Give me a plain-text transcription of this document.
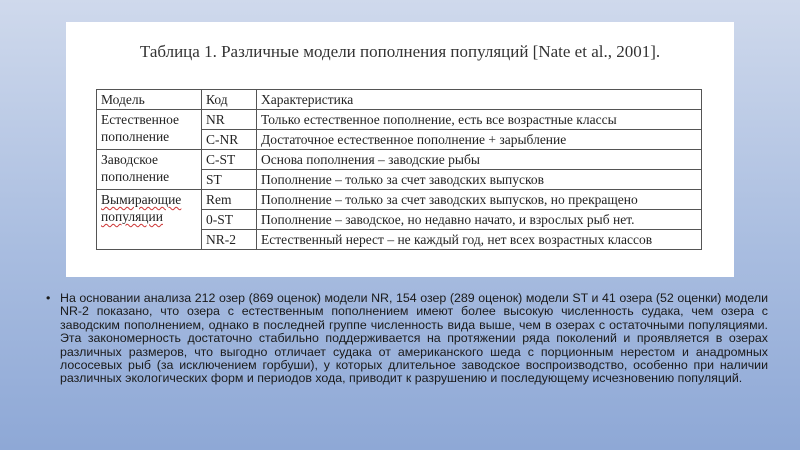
Таблица 1. Различные модели пополнения популяций [Nate et al., 2001].
Модель	Код	Характеристика
Естественное
пополнение	NR	Только естественное пополнение, есть все возрастные классы
	C-NR	Достаточное естественное пополнение + зарыбление
Заводское
пополнение	C-ST	Основа пополнения – заводские рыбы
	ST	Пополнение – только за счет заводских выпусков
Вымирающие
популяции	Rem	Пополнение – только за счет заводских выпусков, но прекращено
	0-ST	Пополнение – заводское, но недавно начато, и взрослых рыб нет.
	NR-2	Естественный нерест – не каждый год, нет всех возрастных классов
• На основании анализа 212 озер (869 оценок) модели NR, 154 озер (289 оценок) модели ST и 41 озера (52 оценки) модели NR-2 показано, что озера с естественным пополнением имеют более высокую численность судака, чем озера с заводским пополнением, однако в последней группе численность вида выше, чем в озерах с остаточными популяциями. Эта закономерность достаточно стабильно поддерживается на протяжении ряда поколений и проявляется в озерах различных размеров, что выгодно отличает судака от американского шеда с порционным нерестом и анадромных лососевых рыб (за исключением горбуши), у которых длительное заводское воспроизводство, особенно при наличии различных экологических форм и периодов хода, приводит к разрушению и последующему исчезновению популяций.
